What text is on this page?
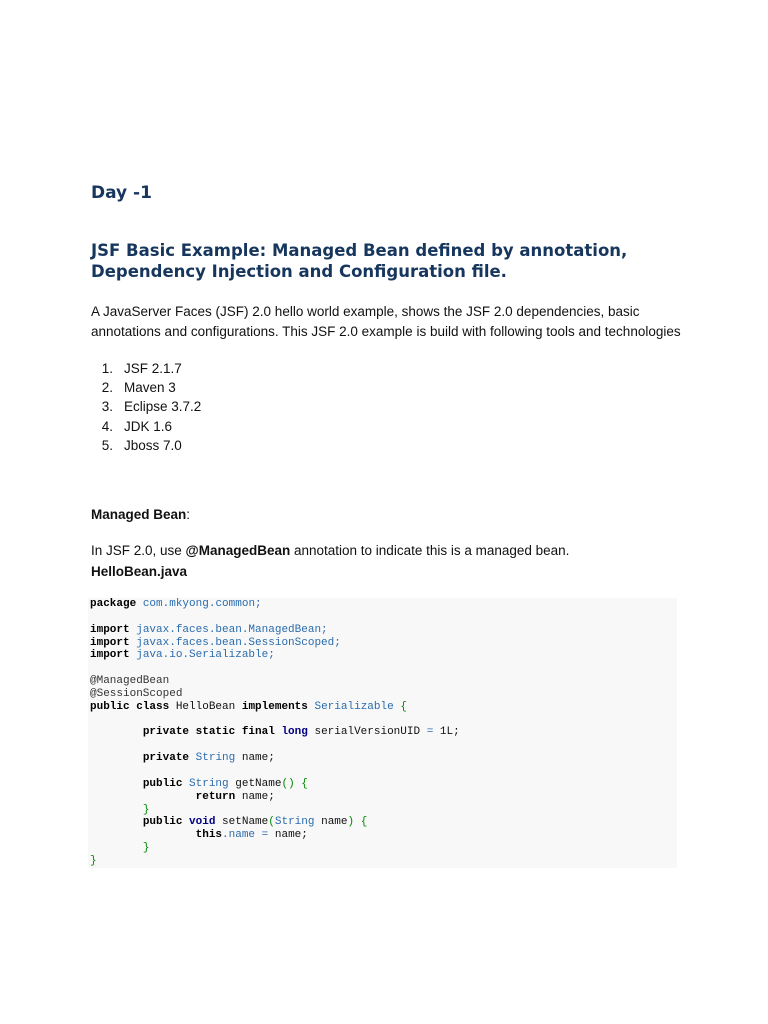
Day -1
JSF Basic Example: Managed Bean defined by annotation, Dependency Injection and Configuration file.

A JavaServer Faces (JSF) 2.0 hello world example, shows the JSF 2.0 dependencies, basic annotations and configurations. This JSF 2.0 example is build with following tools and technologies

1. JSF 2.1.7
2. Maven 3
3. Eclipse 3.7.2
4. JDK 1.6
5. Jboss 7.0

Managed Bean:

In JSF 2.0, use @ManagedBean annotation to indicate this is a managed bean.

HelloBean.java

package com.mkyong.common;

import javax.faces.bean.ManagedBean;
import javax.faces.bean.SessionScoped;
import java.io.Serializable;

@ManagedBean
@SessionScoped
public class HelloBean implements Serializable {

private static final long serialVersionUID = 1L;

private String name;

public String getName() {
return name;
}
public void setName(String name) {
this.name = name;
}
}
